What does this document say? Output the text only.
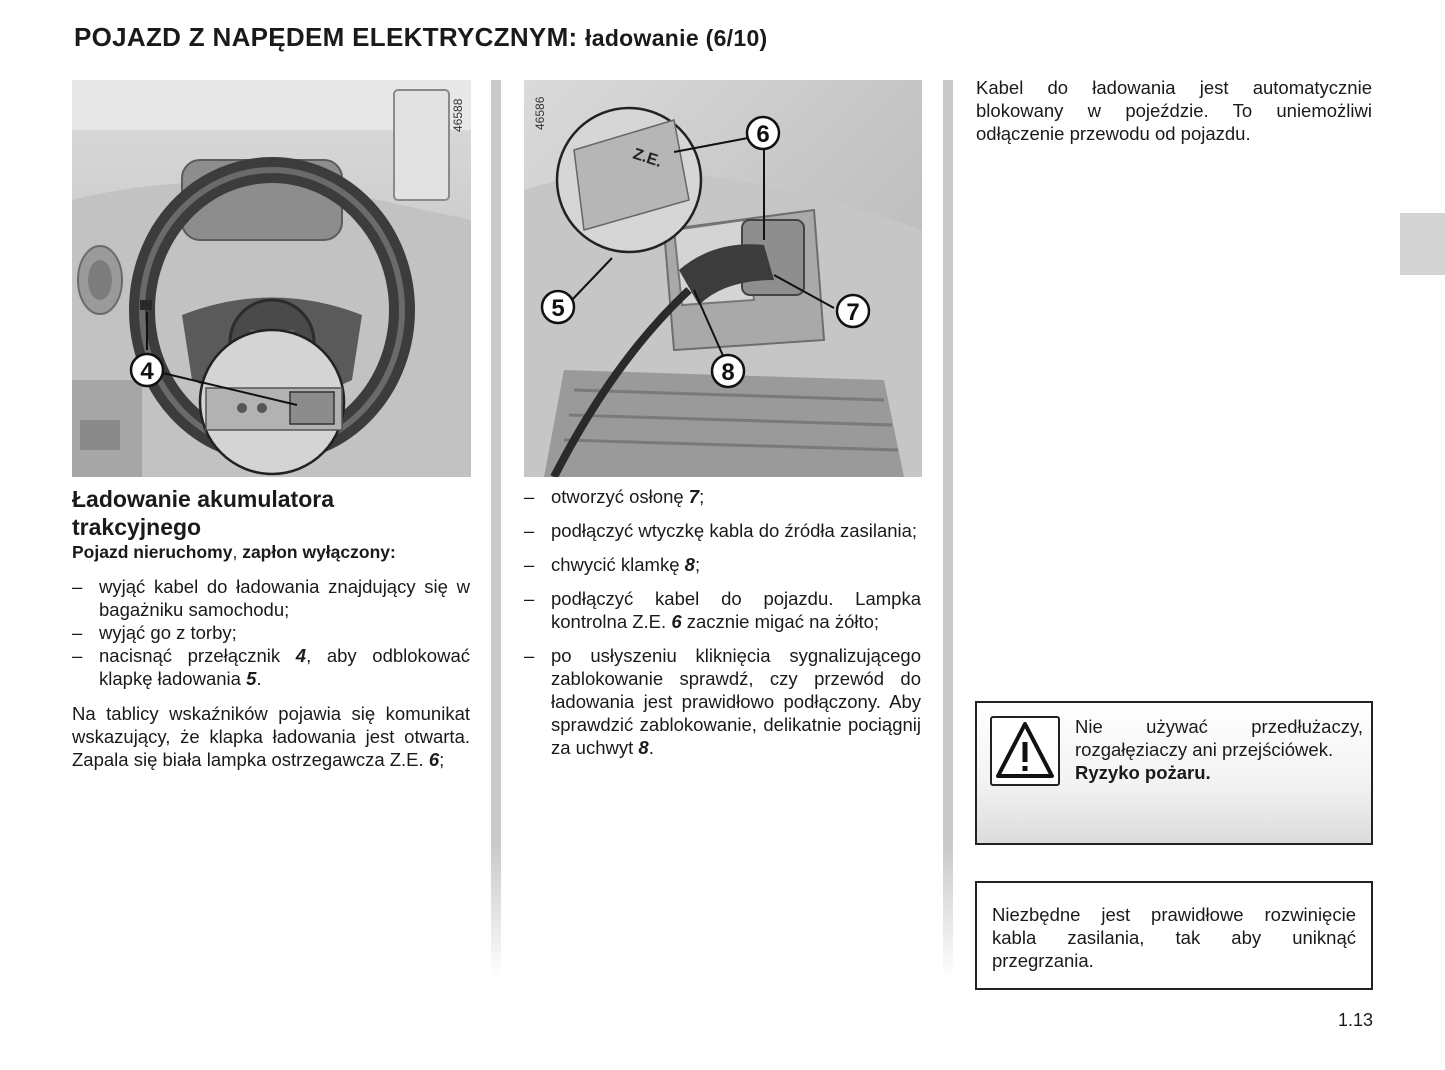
POJAZD Z NAPĘDEM ELEKTRYCZNYM: ładowanie (6/10)
46588
4
Z.E.
46586
6
5	7
8
Ładowanie akumulatora
trakcyjnego
Pojazd nieruchomy, zapłon wyłączony:
– wyjąć kabel do ładowania znajdujący się w bagażniku samochodu;
– wyjąć go z torby;
– nacisnąć przełącznik 4, aby odblokować klapkę ładowania 5.

Na tablicy wskaźników pojawia się komunikat wskazujący, że klapka ładowania jest otwarta. Zapala się biała lampka ostrzegawcza Z.E. 6;

– otworzyć osłonę 7;
– podłączyć wtyczkę kabla do źródła zasilania;
– chwycić klamkę 8;
– podłączyć kabel do pojazdu. Lampka kontrolna Z.E. 6 zacznie migać na żółto;
– po usłyszeniu kliknięcia sygnalizującego zablokowanie sprawdź, czy przewód do ładowania jest prawidłowo podłączony. Aby sprawdzić zablokowanie, delikatnie pociągnij za uchwyt 8.

Kabel do ładowania jest automatycznie blokowany w pojeździe. To uniemożliwi odłączenie przewodu od pojazdu.

Nie używać przedłużaczy, rozgałęziaczy ani przejściówek.
Ryzyko pożaru.
Niezbędne jest prawidłowe rozwinięcie kabla zasilania, tak aby uniknąć przegrzania.
1.13
